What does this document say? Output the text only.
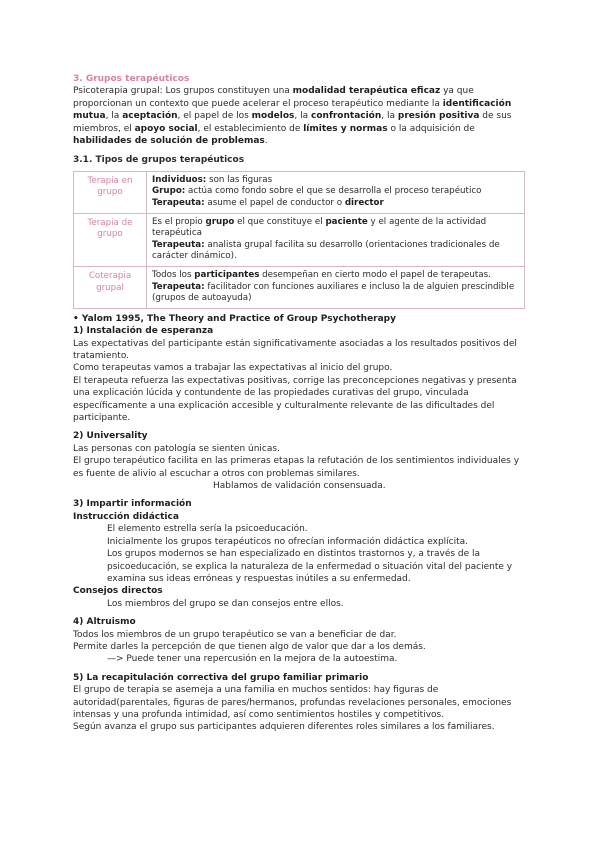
3. Grupos terapéuticos

Psicoterapia grupal: Los grupos constituyen una modalidad terapéutica eficaz ya que proporcionan un contexto que puede acelerar el proceso terapéutico mediante la identificación mutua, la aceptación, el papel de los modelos, la confrontación, la presión positiva de sus miembros, el apoyo social, el establecimiento de límites y normas o la adquisición de habilidades de solución de problemas.

3.1. Tipos de grupos terapéuticos

Terapia en grupo	Individuos: son las figuras
Grupo: actúa como fondo sobre el que se desarrolla el proceso terapéutico
Terapeuta: asume el papel de conductor o director

Terapia de grupo	Es el propio grupo el que constituye el paciente y el agente de la actividad terapéutica
Terapeuta: analista grupal facilita su desarrollo (orientaciones tradicionales de carácter dinámico).

Coterapia grupal	Todos los participantes desempeñan en cierto modo el papel de terapeutas.
Terapeuta: facilitador con funciones auxiliares e incluso la de alguien prescindible (grupos de autoayuda)

• Yalom 1995, The Theory and Practice of Group Psychotherapy

1) Instalación de esperanza

Las expectativas del participante están significativamente asociadas a los resultados positivos del tratamiento.

Como terapeutas vamos a trabajar las expectativas al inicio del grupo.

El terapeuta refuerza las expectativas positivas, corrige las preconcepciones negativas y presenta una explicación lúcida y contundente de las propiedades curativas del grupo, vinculada específicamente a una explicación accesible y culturalmente relevante de las dificultades del participante.

2) Universality

Las personas con patología se sienten únicas.

El grupo terapéutico facilita en las primeras etapas la refutación de los sentimientos individuales y es fuente de alivio al escuchar a otros con problemas similares.

Hablamos de validación consensuada.

3) Impartir información

Instrucción didáctica

El elemento estrella sería la psicoeducación.

Inicialmente los grupos terapéuticos no ofrecían información didáctica explícita.

Los grupos modernos se han especializado en distintos trastornos y, a través de la psicoeducación, se explica la naturaleza de la enfermedad o situación vital del paciente y examina sus ideas erróneas y respuestas inútiles a su enfermedad.

Consejos directos

Los miembros del grupo se dan consejos entre ellos.

4) Altruismo

Todos los miembros de un grupo terapéutico se van a beneficiar de dar.

Permite darles la percepción de que tienen algo de valor que dar a los demás.

—> Puede tener una repercusión en la mejora de la autoestima.

5) La recapitulación correctiva del grupo familiar primario

El grupo de terapia se asemeja a una familia en muchos sentidos: hay figuras de autoridad(parentales, figuras de pares/hermanos, profundas revelaciones personales, emociones intensas y una profunda intimidad, así como sentimientos hostiles y competitivos.

Según avanza el grupo sus participantes adquieren diferentes roles similares a los familiares.
